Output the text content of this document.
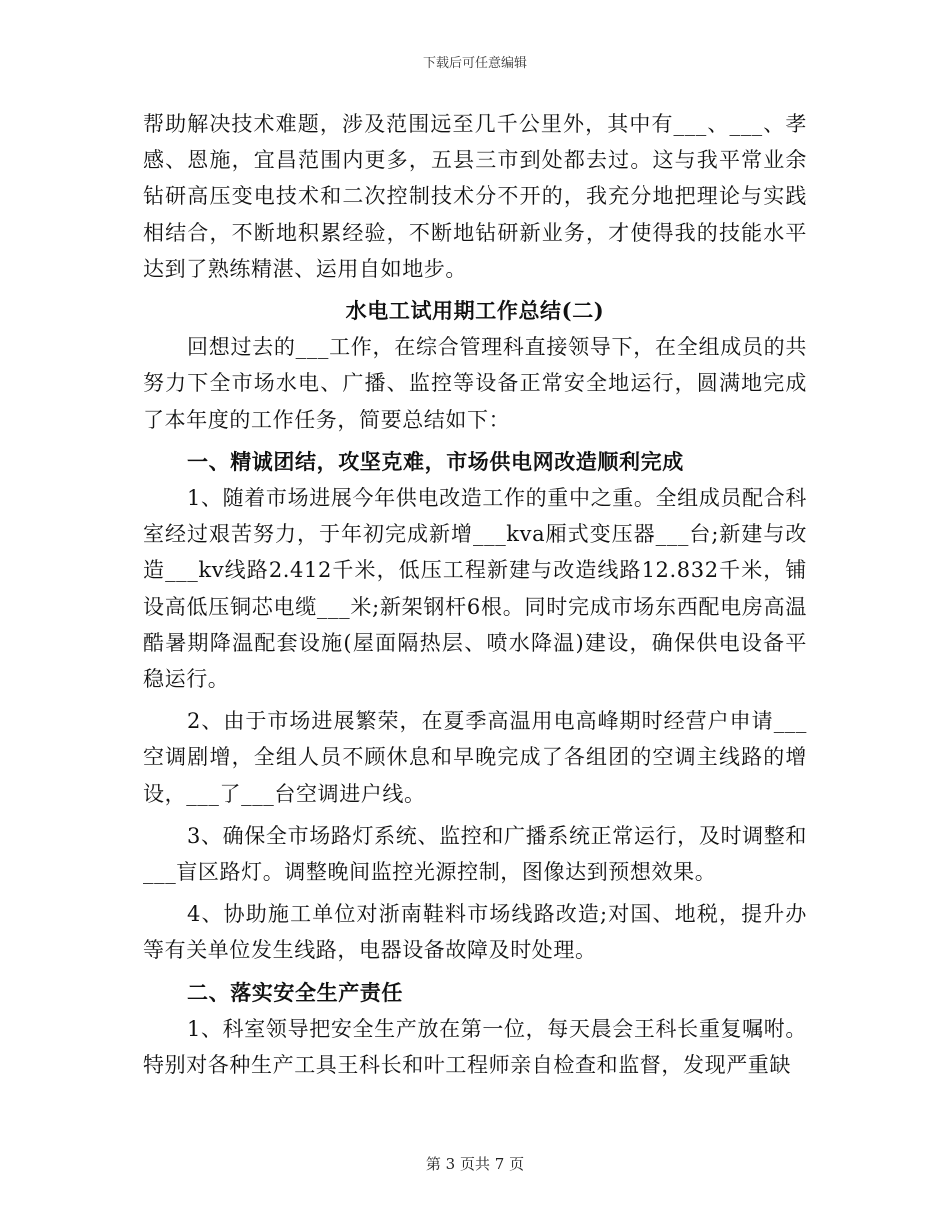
下载后可任意编辑

帮助解决技术难题，涉及范围远至几千公里外，其中有___、___、孝感、恩施，宜昌范围内更多，五县三市到处都去过。这与我平常业余钻研高压变电技术和二次控制技术分不开的，我充分地把理论与实践相结合，不断地积累经验，不断地钻研新业务，才使得我的技能水平达到了熟练精湛、运用自如地步。

水电工试用期工作总结(二)

回想过去的___工作，在综合管理科直接领导下，在全组成员的共努力下全市场水电、广播、监控等设备正常安全地运行，圆满地完成了本年度的工作任务，简要总结如下：

一、精诚团结，攻坚克难，市场供电网改造顺利完成

1、随着市场进展今年供电改造工作的重中之重。全组成员配合科室经过艰苦努力，于年初完成新增___kva厢式变压器___台;新建与改造___kv线路2.412千米，低压工程新建与改造线路12.832千米，铺设高低压铜芯电缆___米;新架钢杆6根。同时完成市场东西配电房高温酷暑期降温配套设施(屋面隔热层、喷水降温)建设，确保供电设备平稳运行。

2、由于市场进展繁荣，在夏季高温用电高峰期时经营户申请___空调剧增，全组人员不顾休息和早晚完成了各组团的空调主线路的增设，___了___台空调进户线。

3、确保全市场路灯系统、监控和广播系统正常运行，及时调整和___盲区路灯。调整晚间监控光源控制，图像达到预想效果。

4、协助施工单位对浙南鞋料市场线路改造;对国、地税，提升办等有关单位发生线路，电器设备故障及时处理。

二、落实安全生产责任

1、科室领导把安全生产放在第一位，每天晨会王科长重复嘱咐。特别对各种生产工具王科长和叶工程师亲自检查和监督，发现严重缺

第 3 页共 7 页
